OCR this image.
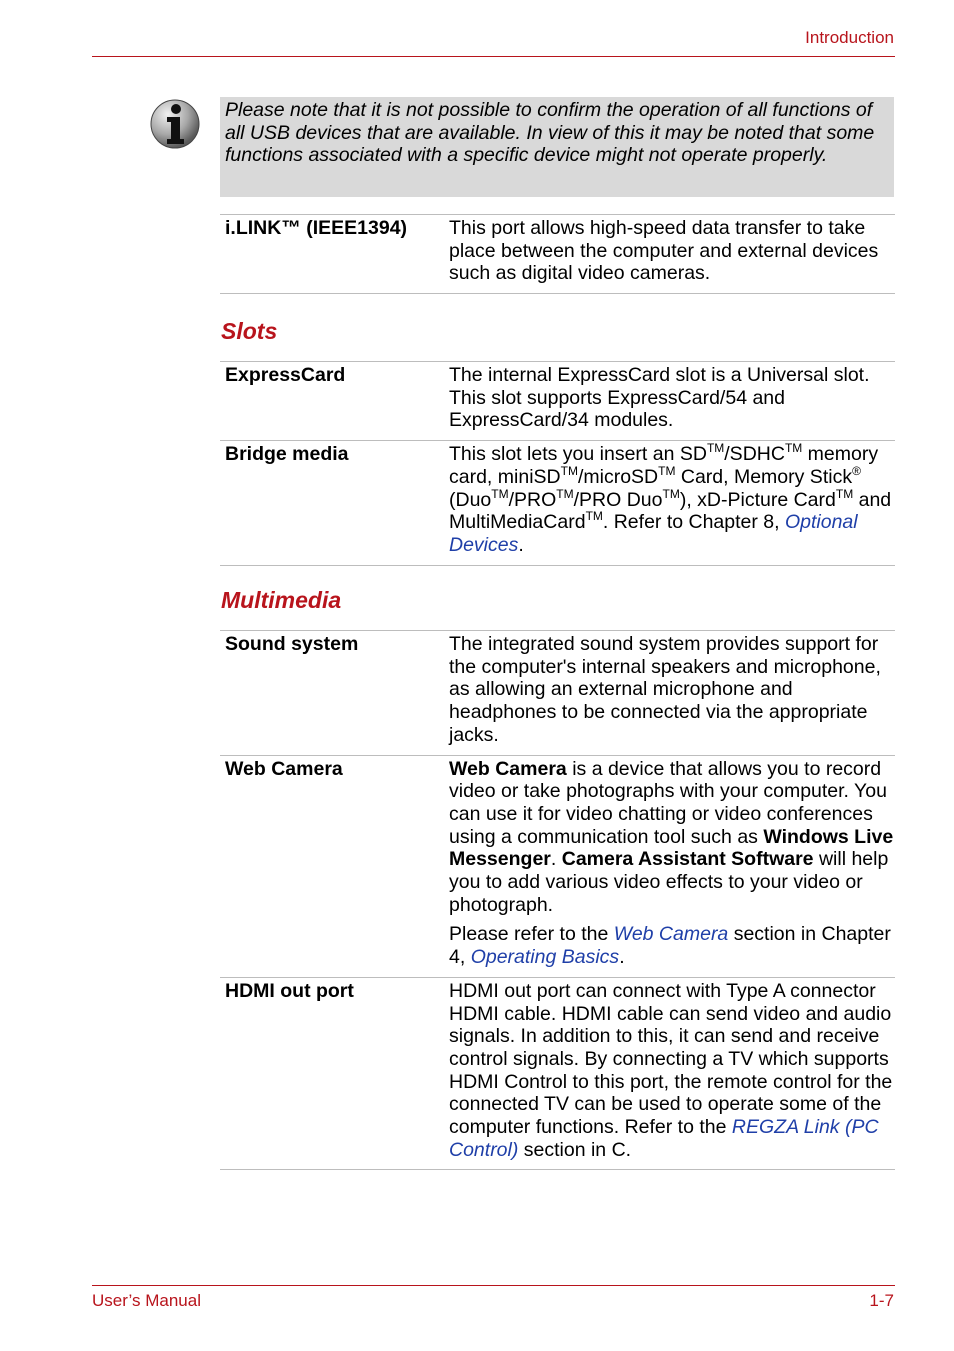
Introduction
Please note that it is not possible to confirm the operation of all functions of all USB devices that are available. In view of this it may be noted that some functions associated with a specific device might not operate properly.
i.LINK™ (IEEE1394)	This port allows high-speed data transfer to take place between the computer and external devices such as digital video cameras.
Slots
ExpressCard	The internal ExpressCard slot is a Universal slot. This slot supports ExpressCard/54 and ExpressCard/34 modules.
Bridge media	This slot lets you insert an SD™/SDHC™ memory card, miniSD™/microSD™ Card, Memory Stick® (Duo™/PRO™/PRO Duo™), xD-Picture Card™ and MultiMediaCard™. Refer to Chapter 8, Optional Devices.
Multimedia
Sound system	The integrated sound system provides support for the computer's internal speakers and microphone, as allowing an external microphone and headphones to be connected via the appropriate jacks.
Web Camera	Web Camera is a device that allows you to record video or take photographs with your computer. You can use it for video chatting or video conferences using a communication tool such as Windows Live Messenger. Camera Assistant Software will help you to add various video effects to your video or photograph.

Please refer to the Web Camera section in Chapter 4, Operating Basics.

HDMI out port	HDMI out port can connect with Type A connector HDMI cable. HDMI cable can send video and audio signals. In addition to this, it can send and receive control signals. By connecting a TV which supports HDMI Control to this port, the remote control for the connected TV can be used to operate some of the computer functions. Refer to the REGZA Link (PC Control) section in C.
User’s Manual	1-7
